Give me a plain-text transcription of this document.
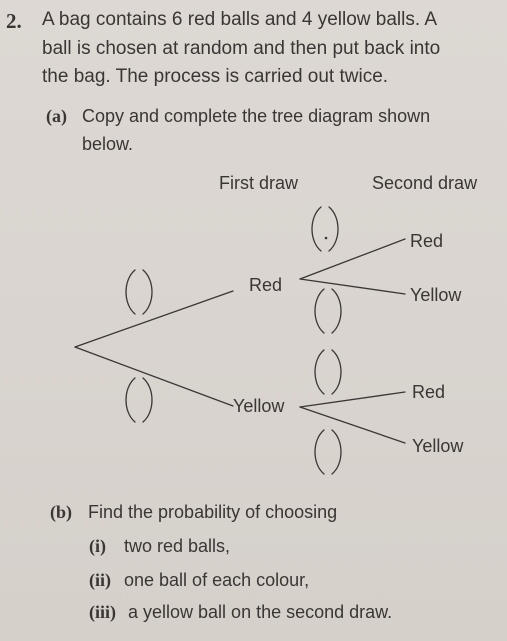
2. A bag contains 6 red balls and 4 yellow balls. A
ball is chosen at random and then put back into
the bag. The process is carried out twice.
(a) Copy and complete the tree diagram shown
below.
First draw	Second draw
Red
Yellow
Red
Yellow
Red
Yellow
(b) Find the probability of choosing
(i) two red balls,
(ii) one ball of each colour,
(iii) a yellow ball on the second draw.
